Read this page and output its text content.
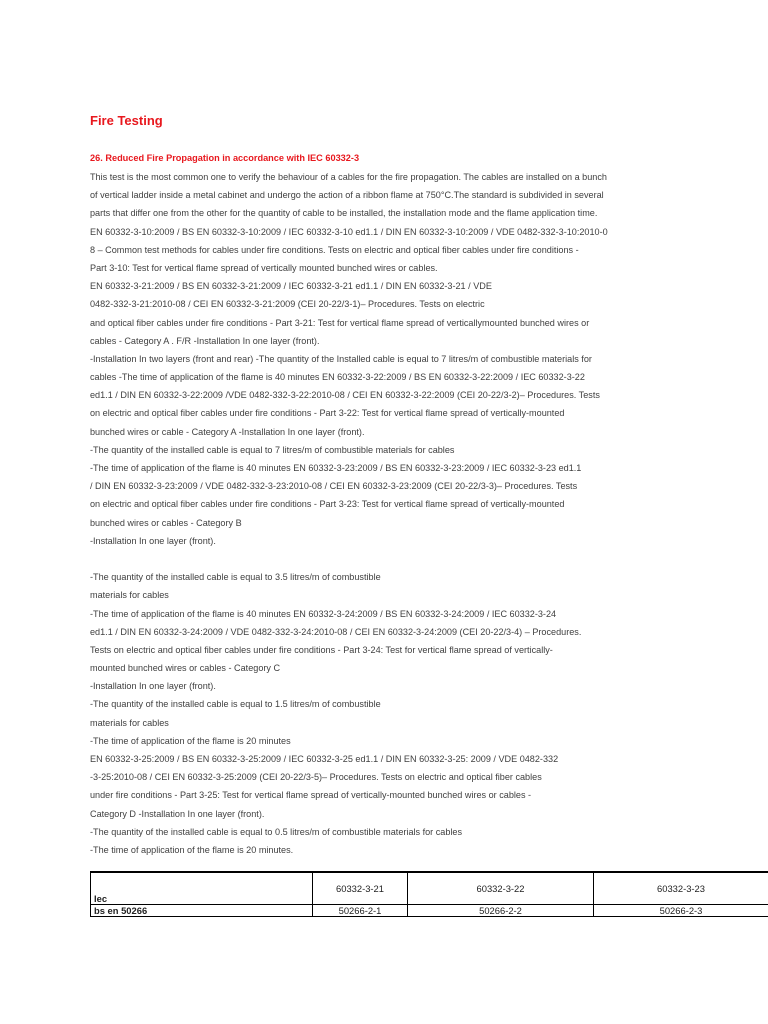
Fire Testing
26. Reduced Fire Propagation in accordance with IEC 60332-3
This test is the most common one to verify the behaviour of a cables for the fire propagation. The cables are installed on a bunch
of vertical ladder inside a metal cabinet and undergo the action of a ribbon flame at 750°C.The standard is subdivided in several
parts that differ one from the other for the quantity of cable to be installed, the installation mode and the flame application time.
EN 60332-3-10:2009 / BS EN 60332-3-10:2009 / IEC 60332-3-10 ed1.1 / DIN EN 60332-3-10:2009 / VDE 0482-332-3-10:2010-0
8 – Common test methods for cables under fire conditions. Tests on electric and optical fiber cables under fire conditions -
Part 3-10: Test for vertical flame spread of vertically mounted bunched wires or cables.
EN 60332-3-21:2009 / BS EN 60332-3-21:2009 / IEC 60332-3-21 ed1.1 / DIN EN 60332-3-21 / VDE
0482-332-3-21:2010-08 / CEI EN 60332-3-21:2009 (CEI 20-22/3-1)– Procedures. Tests on electric
and optical fiber cables under fire conditions - Part 3-21: Test for vertical flame spread of verticallymounted bunched wires or
cables - Category A . F/R -Installation In one layer (front).
-Installation In two layers (front and rear) -The quantity of the Installed cable is equal to 7 litres/m of combustible materials for
cables -The time of application of the flame is 40 minutes EN 60332-3-22:2009 / BS EN 60332-3-22:2009 / IEC 60332-3-22
ed1.1 / DIN EN 60332-3-22:2009 /VDE 0482-332-3-22:2010-08 / CEI EN 60332-3-22:2009 (CEI 20-22/3-2)– Procedures. Tests
on electric and optical fiber cables under fire conditions - Part 3-22: Test for vertical flame spread of vertically-mounted
bunched wires or cable - Category A -Installation In one layer (front).
-The quantity of the installed cable is equal to 7 litres/m of combustible materials for cables
-The time of application of the flame is 40 minutes EN 60332-3-23:2009 / BS EN 60332-3-23:2009 / IEC 60332-3-23 ed1.1
/ DIN EN 60332-3-23:2009 / VDE 0482-332-3-23:2010-08 / CEI EN 60332-3-23:2009 (CEI 20-22/3-3)– Procedures. Tests
on electric and optical fiber cables under fire conditions - Part 3-23: Test for vertical flame spread of vertically-mounted
bunched wires or cables - Category B
-Installation In one layer (front).
-The quantity of the installed cable is equal to 3.5 litres/m of combustible
materials for cables
-The time of application of the flame is 40 minutes EN 60332-3-24:2009 / BS EN 60332-3-24:2009 / IEC 60332-3-24
ed1.1 / DIN EN 60332-3-24:2009 / VDE 0482-332-3-24:2010-08 / CEI EN 60332-3-24:2009 (CEI 20-22/3-4) – Procedures.
Tests on electric and optical fiber cables under fire conditions - Part 3-24: Test for vertical flame spread of vertically-
mounted bunched wires or cables - Category C
-Installation In one layer (front).
-The quantity of the installed cable is equal to 1.5 litres/m of combustible
materials for cables
-The time of application of the flame is 20 minutes
EN 60332-3-25:2009 / BS EN 60332-3-25:2009 / IEC 60332-3-25 ed1.1 / DIN EN 60332-3-25: 2009 / VDE 0482-332
-3-25:2010-08 / CEI EN 60332-3-25:2009 (CEI 20-22/3-5)– Procedures. Tests on electric and optical fiber cables
under fire conditions - Part 3-25: Test for vertical flame spread of vertically-mounted bunched wires or cables -
Category D -Installation In one layer (front).
-The quantity of the installed cable is equal to 0.5 litres/m of combustible materials for cables
-The time of application of the flame is 20 minutes.
Iec	60332-3-21	60332-3-22	60332-3-23
bs en 50266	50266-2-1	50266-2-2	50266-2-3
